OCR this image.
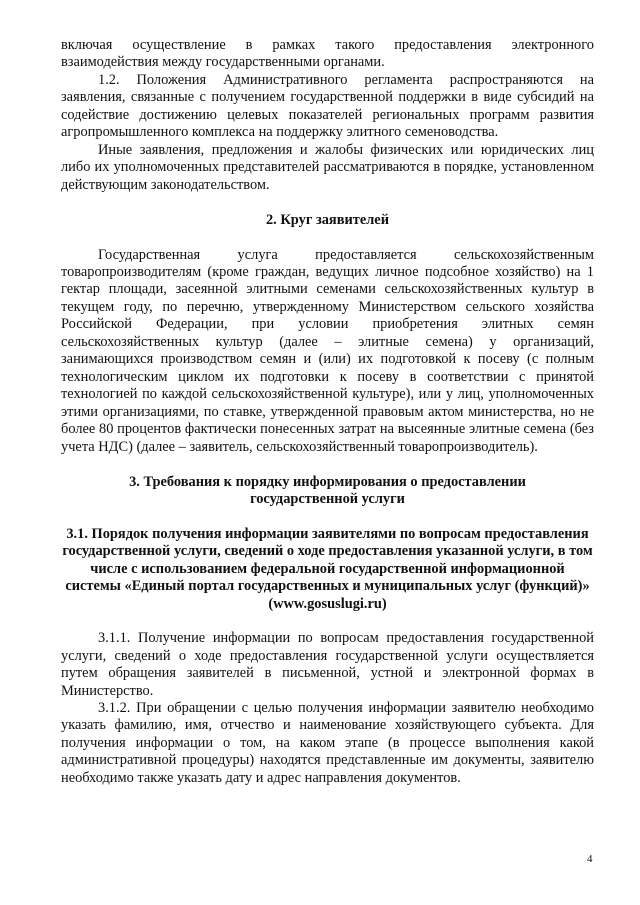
включая осуществление в рамках такого предоставления электронного взаимодействия между государственными органами.

1.2. Положения Административного регламента распространяются на заявления, связанные с получением государственной поддержки в виде субсидий на содействие достижению целевых показателей региональных программ развития агропромышленного комплекса на поддержку элитного семеноводства.

Иные заявления, предложения и жалобы физических или юридических лиц либо их уполномоченных представителей рассматриваются в порядке, установленном действующим законодательством.

2. Круг заявителей

Государственная услуга предоставляется сельскохозяйственным товаропроизводителям (кроме граждан, ведущих личное подсобное хозяйство) на 1 гектар площади, засеянной элитными семенами сельскохозяйственных культур в текущем году, по перечню, утвержденному Министерством сельского хозяйства Российской Федерации, при условии приобретения элитных семян сельскохозяйственных культур (далее – элитные семена) у организаций, занимающихся производством семян и (или) их подготовкой к посеву (с полным технологическим циклом их подготовки к посеву в соответствии с принятой технологией по каждой сельскохозяйственной культуре), или у лиц, уполномоченных этими организациями, по ставке, утвержденной правовым актом министерства, но не более 80 процентов фактически понесенных затрат на высеянные элитные семена (без учета НДС) (далее – заявитель, сельскохозяйственный товаропроизводитель).

3. Требования к порядку информирования о предоставлении государственной услуги

3.1. Порядок получения информации заявителями по вопросам предоставления государственной услуги, сведений о ходе предоставления указанной услуги, в том числе с использованием федеральной государственной информационной системы «Единый портал государственных и муниципальных услуг (функций)» (www.gosuslugi.ru)

3.1.1. Получение информации по вопросам предоставления государственной услуги, сведений о ходе предоставления государственной услуги осуществляется путем обращения заявителей в письменной, устной и электронной формах в Министерство.

3.1.2. При обращении с целью получения информации заявителю необходимо указать фамилию, имя, отчество и наименование хозяйствующего субъекта. Для получения информации о том, на каком этапе (в процессе выполнения какой административной процедуры) находятся представленные им документы, заявителю необходимо также указать дату и адрес направления документов.

4
